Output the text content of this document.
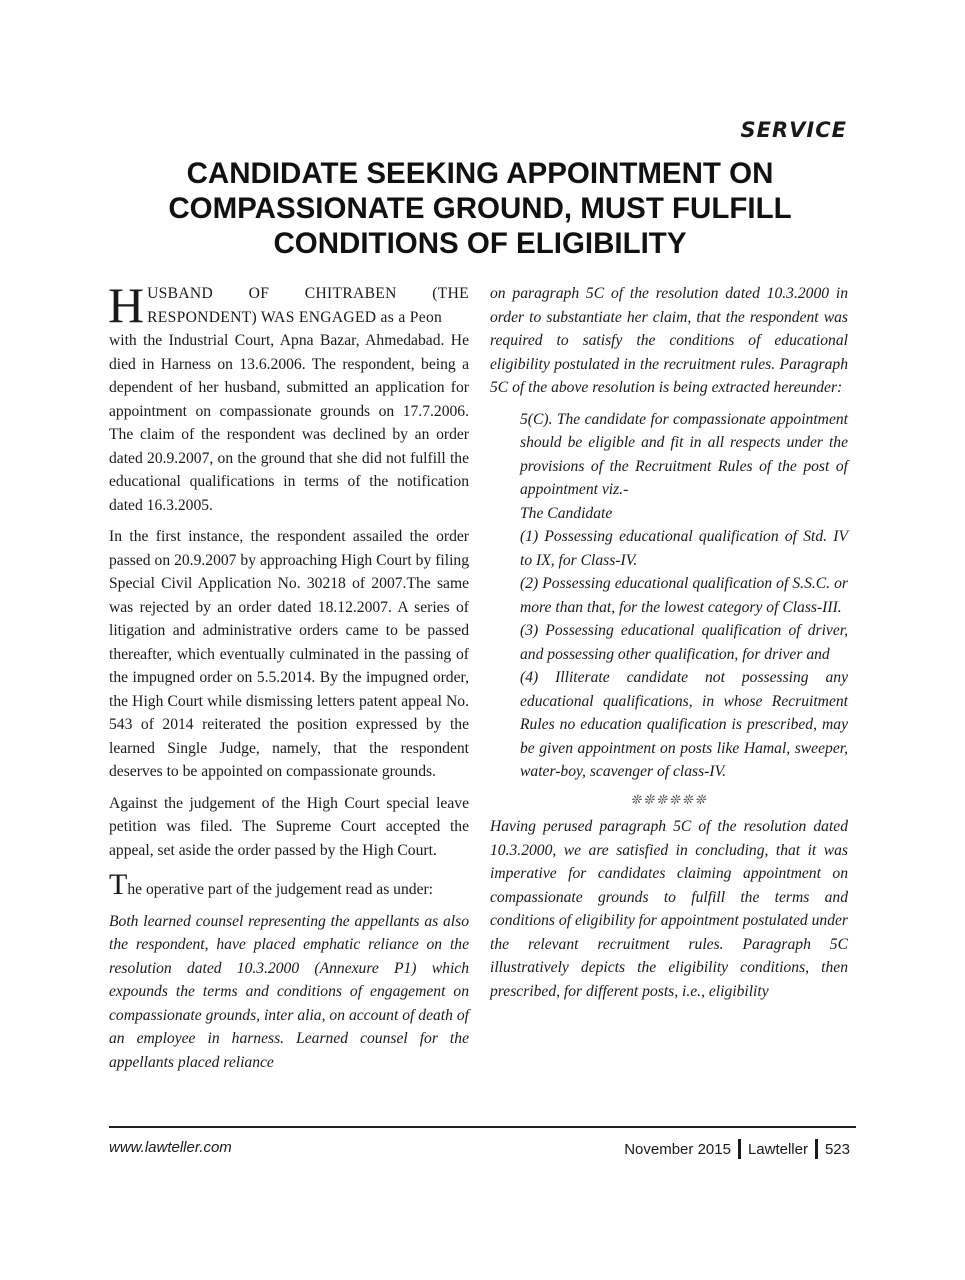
SERVICE
CANDIDATE SEEKING APPOINTMENT ON
COMPASSIONATE GROUND, MUST FULFILL
CONDITIONS OF ELIGIBILITY
H USBAND OF CHITRABEN (THE
RESPONDENT) WAS ENGAGED as a Peon
with the Industrial Court, Apna Bazar, Ahmedabad. He died in Harness on 13.6.2006. The respondent, being a dependent of her husband, submitted an application for appointment on compassionate grounds on 17.7.2006. The claim of the respondent was declined by an order dated 20.9.2007, on the ground that she did not fulfill the educational qualifications in terms of the notification dated 16.3.2005.

In the first instance, the respondent assailed the order passed on 20.9.2007 by approaching High Court by filing Special Civil Application No. 30218 of 2007.The same was rejected by an order dated 18.12.2007. A series of litigation and administrative orders came to be passed thereafter, which eventually culminated in the passing of the impugned order on 5.5.2014. By the impugned order, the High Court while dismissing letters patent appeal No. 543 of 2014 reiterated the position expressed by the learned Single Judge, namely, that the respondent deserves to be appointed on compassionate grounds.

Against the judgement of the High Court special leave petition was filed. The Supreme Court accepted the appeal, set aside the order passed by the High Court.

The operative part of the judgement read as under:

Both learned counsel representing the appellants as also the respondent, have placed emphatic reliance on the resolution dated 10.3.2000 (Annexure P1) which expounds the terms and conditions of engagement on compassionate grounds, inter alia, on account of death of an employee in harness. Learned counsel for the appellants placed reliance

on paragraph 5C of the resolution dated 10.3.2000 in order to substantiate her claim, that the respondent was required to satisfy the conditions of educational eligibility postulated in the recruitment rules. Paragraph 5C of the above resolution is being extracted hereunder:

5(C). The candidate for compassionate appointment should be eligible and fit in all respects under the provisions of the Recruitment Rules of the post of appointment viz.-

The Candidate

(1) Possessing educational qualification of Std. IV to IX, for Class-IV.

(2) Possessing educational qualification of S.S.C. or more than that, for the lowest category of Class-III.

(3) Possessing educational qualification of driver, and possessing other qualification, for driver and

(4) Illiterate candidate not possessing any educational qualifications, in whose Recruitment Rules no education qualification is prescribed, may be given appointment on posts like Hamal, sweeper, water-boy, scavenger of class-IV.

❊❊❊❊❊❊

Having perused paragraph 5C of the resolution dated 10.3.2000, we are satisfied in concluding, that it was imperative for candidates claiming appointment on compassionate grounds to fulfill the terms and conditions of eligibility for appointment postulated under the relevant recruitment rules. Paragraph 5C illustratively depicts the eligibility conditions, then prescribed, for different posts, i.e., eligibility

www.lawteller.com	November 2015 Lawteller 523
